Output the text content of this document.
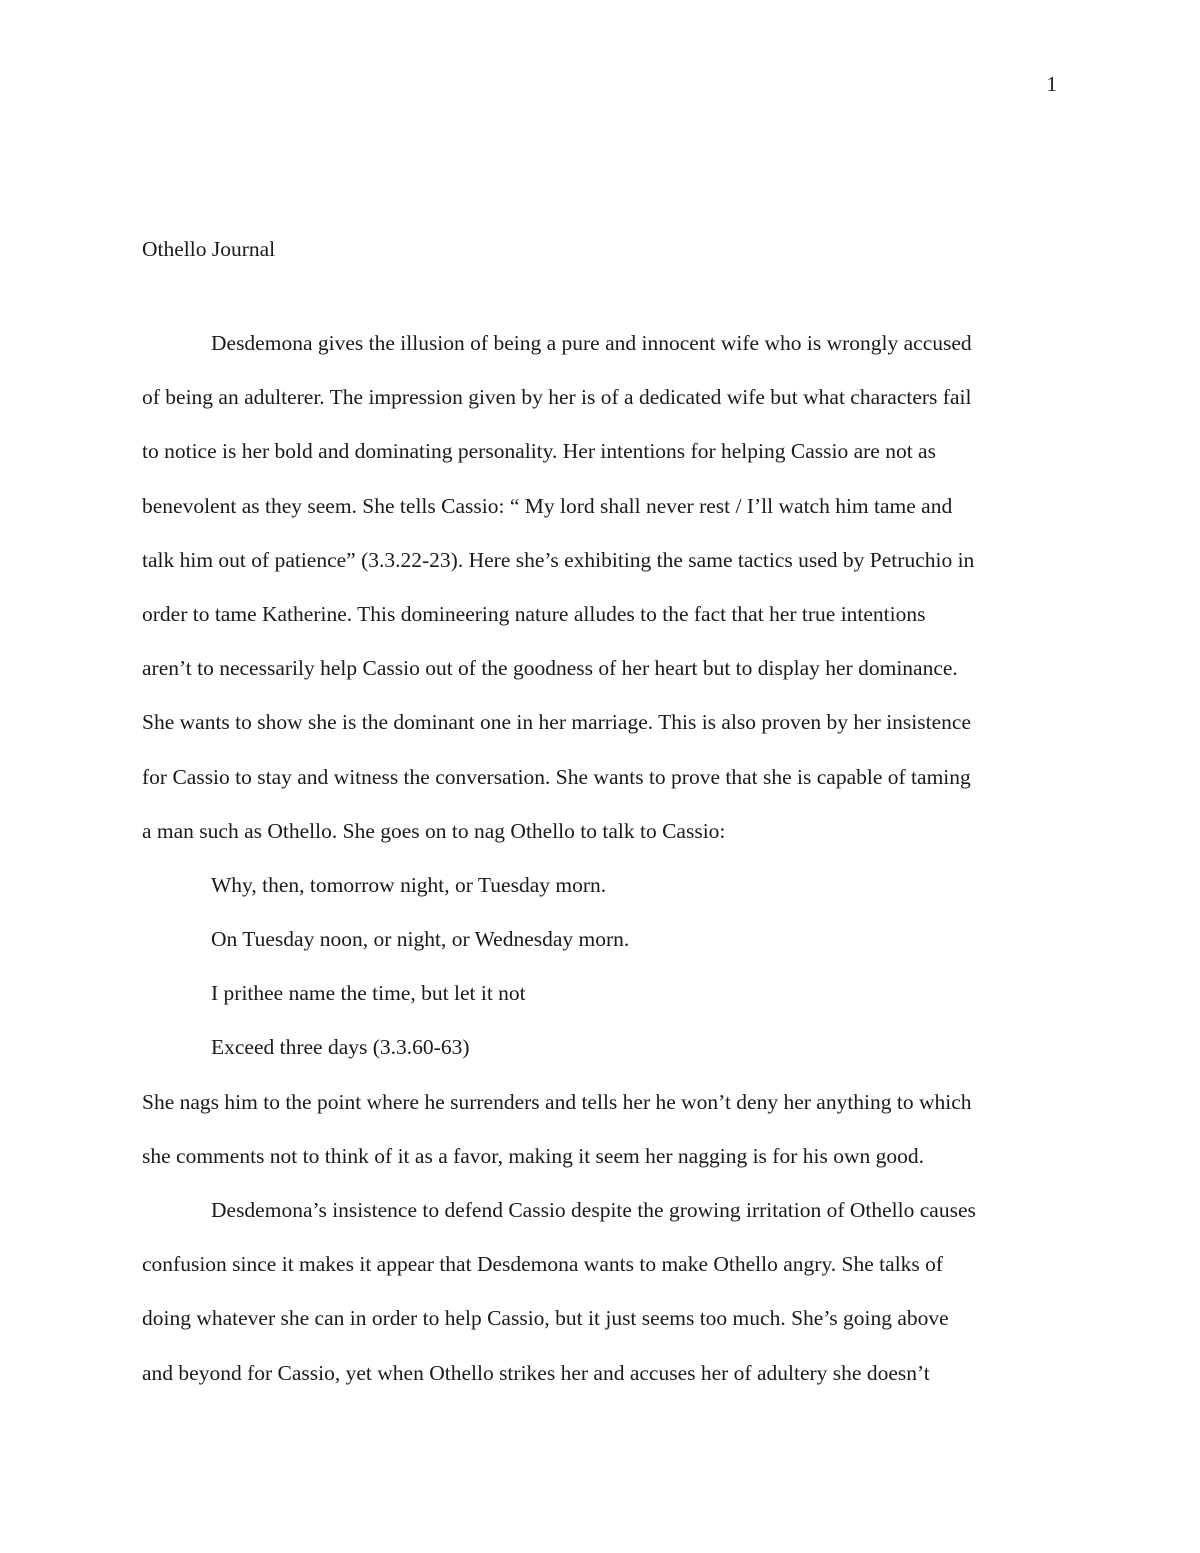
1
Othello Journal
Desdemona gives the illusion of being a pure and innocent wife who is wrongly accused
of being an adulterer. The impression given by her is of a dedicated wife but what characters fail
to notice is her bold and dominating personality. Her intentions for helping Cassio are not as
benevolent as they seem. She tells Cassio: “ My lord shall never rest / I’ll watch him tame and
talk him out of patience” (3.3.22-23). Here she’s exhibiting the same tactics used by Petruchio in
order to tame Katherine. This domineering nature alludes to the fact that her true intentions
aren’t to necessarily help Cassio out of the goodness of her heart but to display her dominance.
She wants to show she is the dominant one in her marriage. This is also proven by her insistence
for Cassio to stay and witness the conversation. She wants to prove that she is capable of taming
a man such as Othello. She goes on to nag Othello to talk to Cassio:
Why, then, tomorrow night, or Tuesday morn.
On Tuesday noon, or night, or Wednesday morn.
I prithee name the time, but let it not
Exceed three days (3.3.60-63)
She nags him to the point where he surrenders and tells her he won’t deny her anything to which
she comments not to think of it as a favor, making it seem her nagging is for his own good.
Desdemona’s insistence to defend Cassio despite the growing irritation of Othello causes
confusion since it makes it appear that Desdemona wants to make Othello angry. She talks of
doing whatever she can in order to help Cassio, but it just seems too much. She’s going above
and beyond for Cassio, yet when Othello strikes her and accuses her of adultery she doesn’t
